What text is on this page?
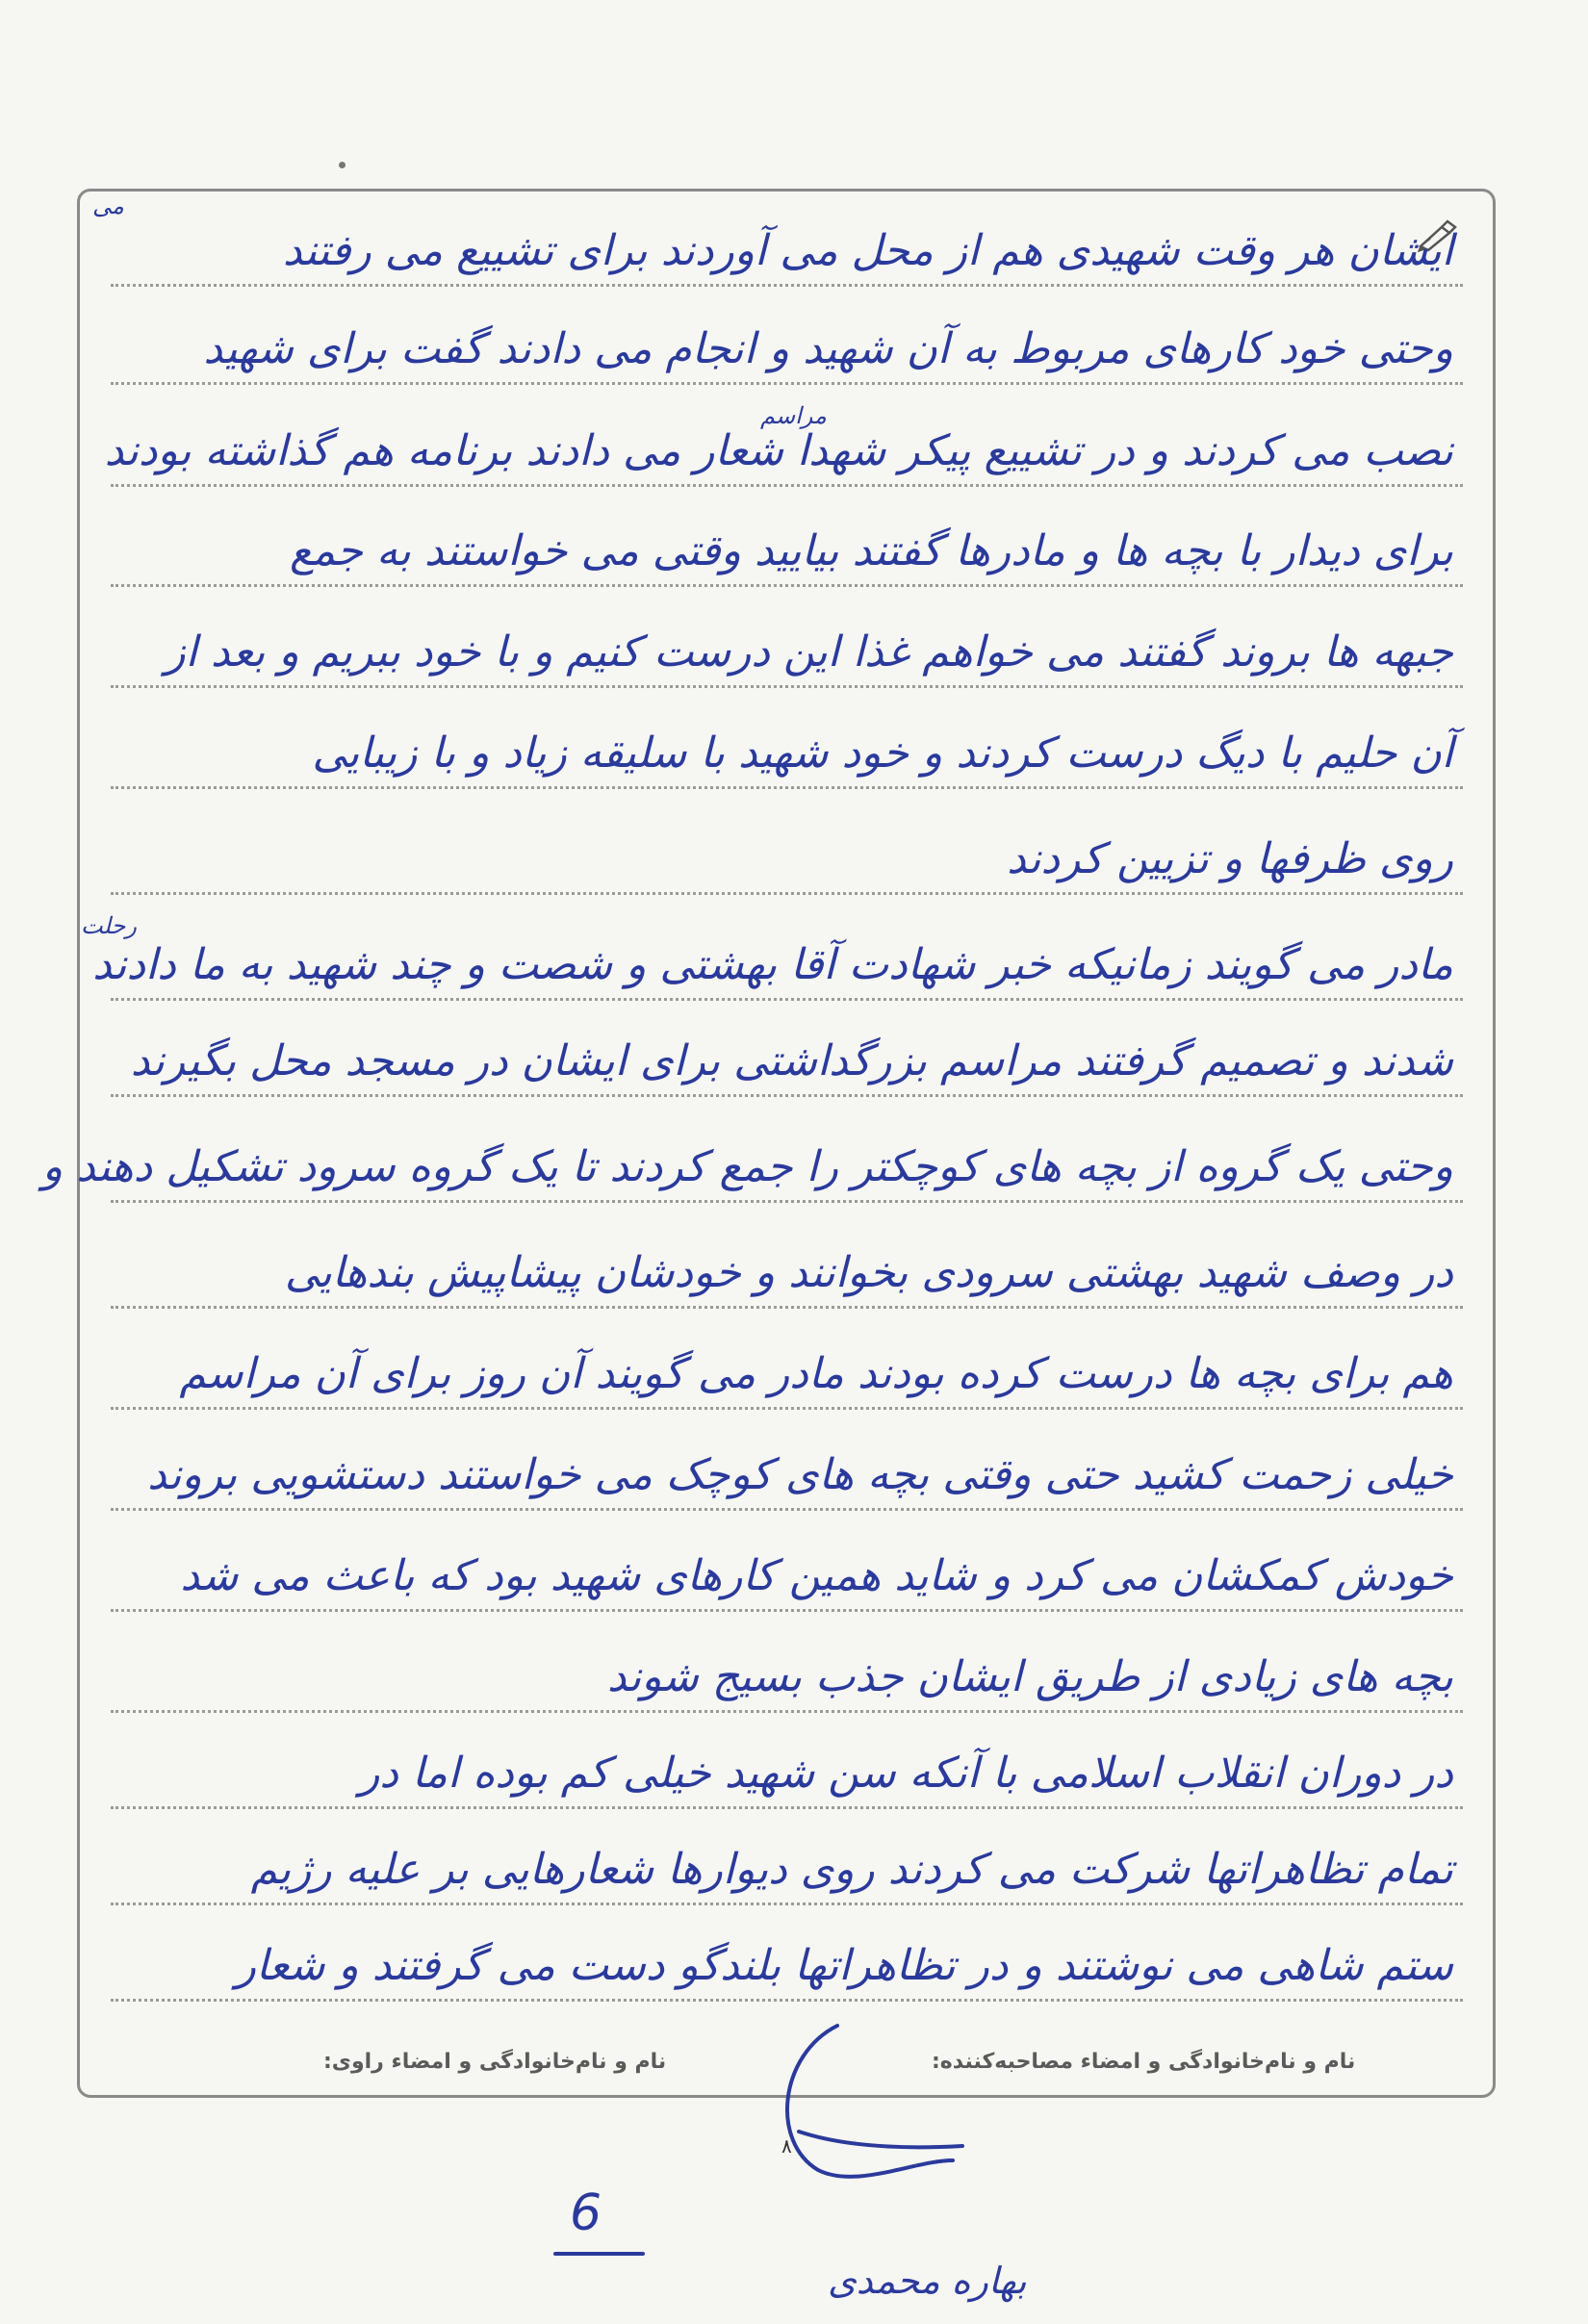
ایشان هر وقت شهیدی هم از محل می آوردند برای تشییع می رفتند
وحتی خود کارهای مربوط به آن شهید و انجام می دادند گفت برای شهید
نصب می کردند و در تشییع پیکر شهدا شعار می دادند برنامه هم گذاشته بودند
برای دیدار با بچه ها و مادرها گفتند بیایید وقتی می خواستند به جمع
جبهه ها بروند گفتند می خواهم غذا این درست کنیم و با خود ببریم و بعد از
آن حلیم با دیگ درست کردند و خود شهید با سلیقه زیاد و با زیبایی
روی ظرفها و تزیین کردند
مادر می گویند زمانیکه خبر شهادت آقا بهشتی و شصت و چند شهید به ما دادند
شدند و تصمیم گرفتند مراسم بزرگداشتی برای ایشان در مسجد محل بگیرند
وحتی یک گروه از بچه های کوچکتر را جمع کردند تا یک گروه سرود تشکیل دهند و
در وصف شهید بهشتی سرودی بخوانند و خودشان پیشاپیش بندهایی
هم برای بچه ها درست کرده بودند مادر می گویند آن روز برای آن مراسم
خیلی زحمت کشید حتی وقتی بچه های کوچک می خواستند دستشویی بروند
خودش کمکشان می کرد و شاید همین کارهای شهید بود که باعث می شد
بچه های زیادی از طریق ایشان جذب بسیج شوند
در دوران انقلاب اسلامی با آنکه سن شهید خیلی کم بوده اما در
تمام تظاهراتها شرکت می کردند روی دیوارها شعارهایی بر علیه رژیم
ستم شاهی می نوشتند و در تظاهراتها بلندگو دست می گرفتند و شعار
می
مراسم
رحلت
نام و نام‌خانوادگی و امضاء مصاحبه‌کننده:
نام و نام‌خانوادگی و امضاء راوی:
۸
6
بهاره محمدی
